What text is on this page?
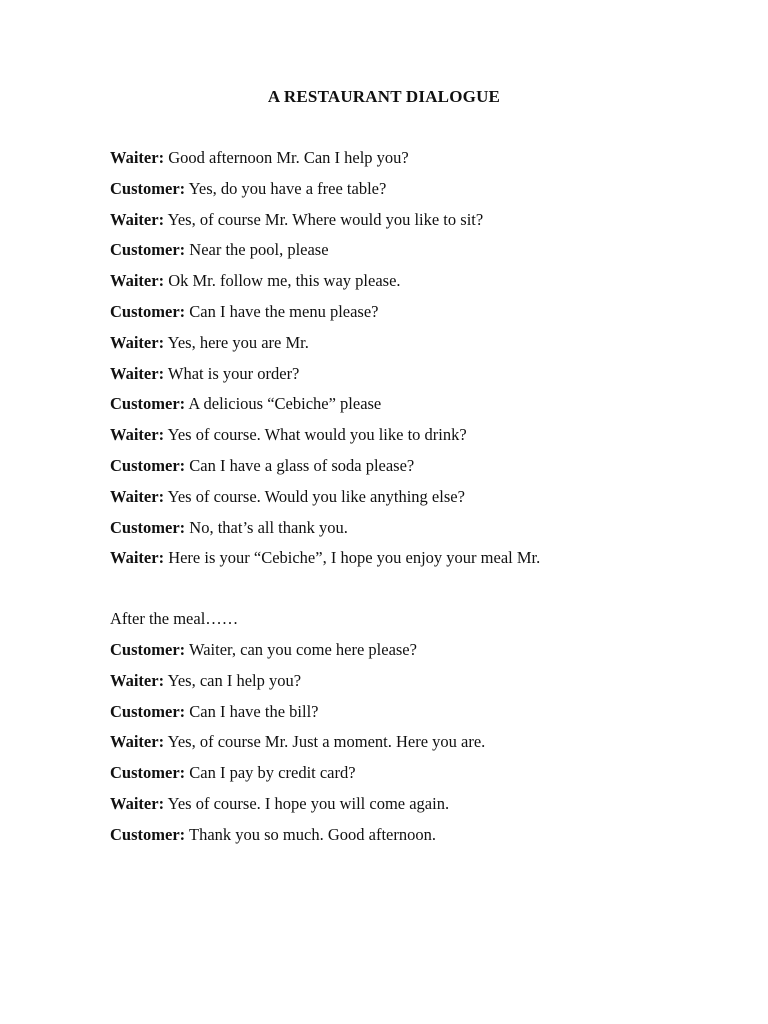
A RESTAURANT DIALOGUE
Waiter: Good afternoon Mr. Can I help you?
Customer: Yes, do you have a free table?
Waiter: Yes, of course Mr. Where would you like to sit?
Customer: Near the pool, please
Waiter: Ok Mr. follow me, this way please.
Customer: Can I have the menu please?
Waiter: Yes, here you are Mr.
Waiter: What is your order?
Customer: A delicious “Cebiche” please
Waiter: Yes of course. What would you like to drink?
Customer: Can I have a glass of soda please?
Waiter: Yes of course. Would you like anything else?
Customer: No, that’s all thank you.
Waiter: Here is your “Cebiche”, I hope you enjoy your meal Mr.
After the meal……
Customer: Waiter, can you come here please?
Waiter: Yes, can I help you?
Customer: Can I have the bill?
Waiter: Yes, of course Mr. Just a moment. Here you are.
Customer: Can I pay by credit card?
Waiter: Yes of course. I hope you will come again.
Customer: Thank you so much. Good afternoon.
